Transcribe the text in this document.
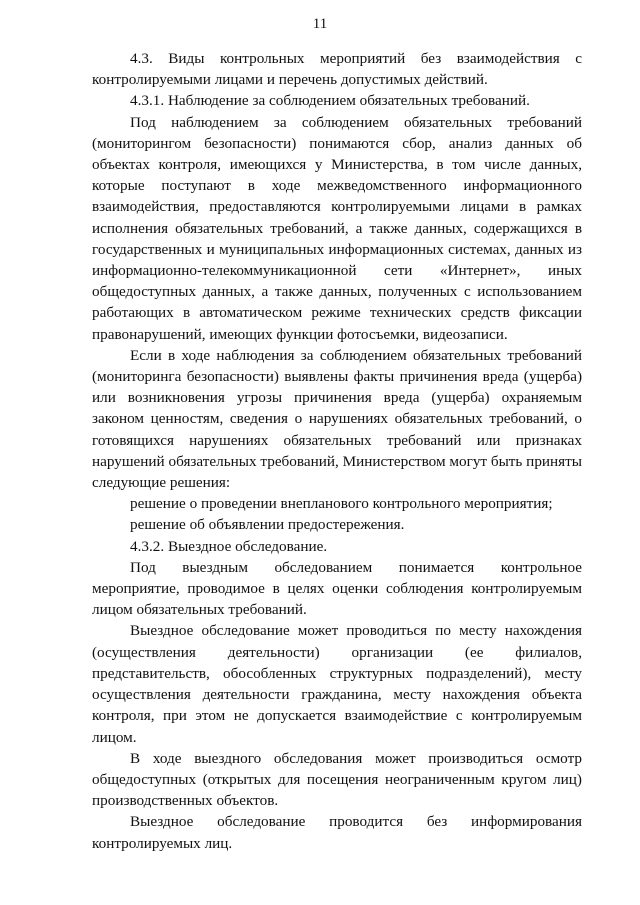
11

4.3. Виды контрольных мероприятий без взаимодействия с контролируемыми лицами и перечень допустимых действий.

4.3.1. Наблюдение за соблюдением обязательных требований.

Под наблюдением за соблюдением обязательных требований (мониторингом безопасности) понимаются сбор, анализ данных об объектах контроля, имеющихся у Министерства, в том числе данных, которые поступают в ходе межведомственного информационного взаимодействия, предоставляются контролируемыми лицами в рамках исполнения обязательных требований, а также данных, содержащихся в государственных и муниципальных информационных системах, данных из информационно-телекоммуникационной сети «Интернет», иных общедоступных данных, а также данных, полученных с использованием работающих в автоматическом режиме технических средств фиксации правонарушений, имеющих функции фотосъемки, видеозаписи.

Если в ходе наблюдения за соблюдением обязательных требований (мониторинга безопасности) выявлены факты причинения вреда (ущерба) или возникновения угрозы причинения вреда (ущерба) охраняемым законом ценностям, сведения о нарушениях обязательных требований, о готовящихся нарушениях обязательных требований или признаках нарушений обязательных требований, Министерством могут быть приняты следующие решения:

решение о проведении внепланового контрольного мероприятия;

решение об объявлении предостережения.

4.3.2. Выездное обследование.

Под выездным обследованием понимается контрольное мероприятие, проводимое в целях оценки соблюдения контролируемым лицом обязательных требований.

Выездное обследование может проводиться по месту нахождения (осуществления деятельности) организации (ее филиалов, представительств, обособленных структурных подразделений), месту осуществления деятельности гражданина, месту нахождения объекта контроля, при этом не допускается взаимодействие с контролируемым лицом.

В ходе выездного обследования может производиться осмотр общедоступных (открытых для посещения неограниченным кругом лиц) производственных объектов.

Выездное обследование проводится без информирования контролируемых лиц.
